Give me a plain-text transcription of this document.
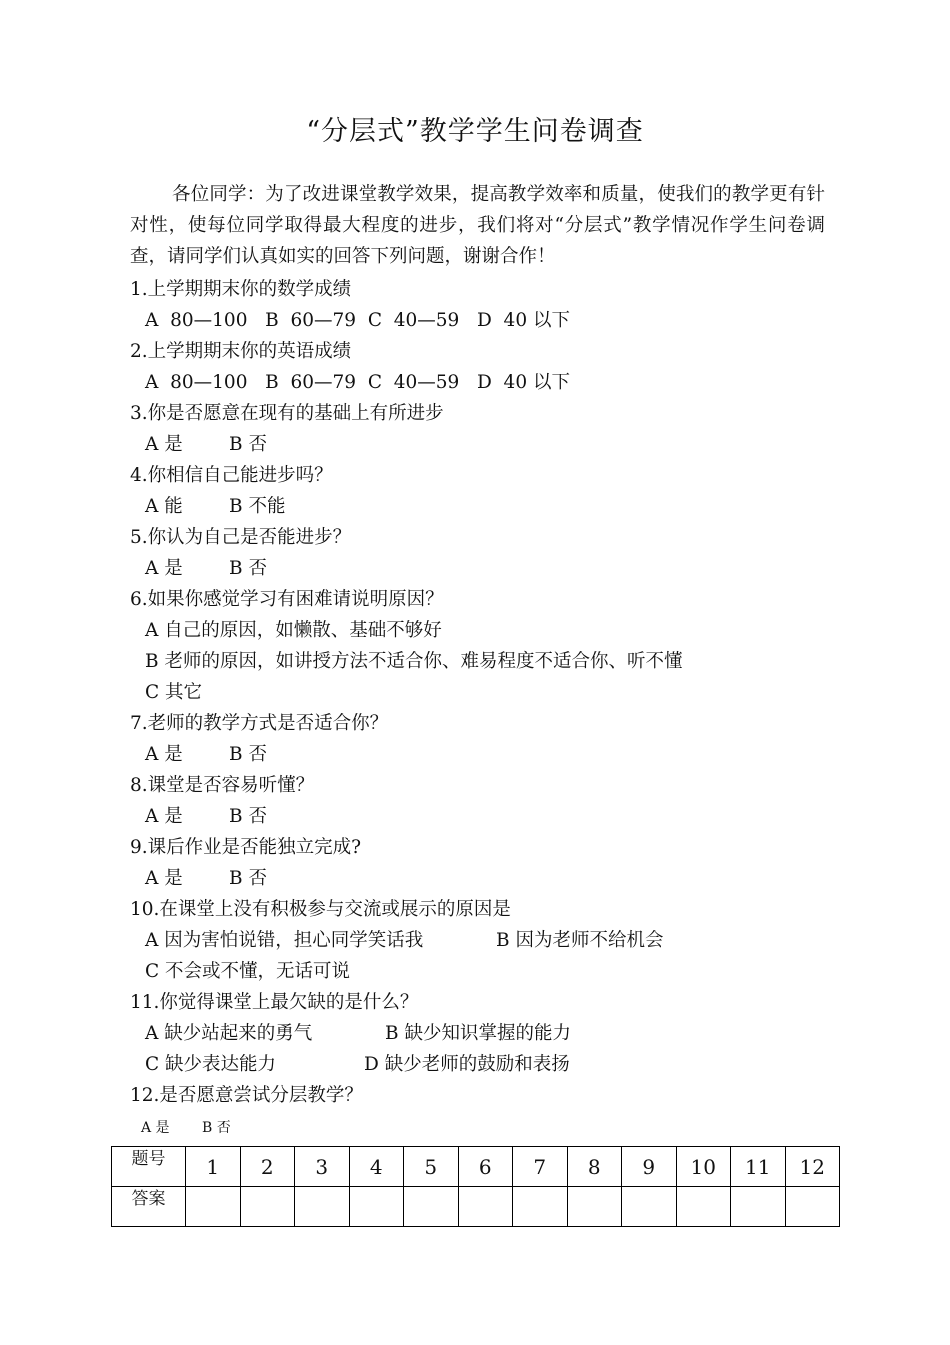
“分层式”教学学生问卷调查
各位同学：为了改进课堂教学效果，提高教学效率和质量，使我们的教学更有针对性，使每位同学取得最大程度的进步，我们将对“分层式”教学情况作学生问卷调查，请同学们认真如实的回答下列问题，谢谢合作！
1.上学期期末你的数学成绩
A  80—100   B  60—79  C  40—59   D  40 以下
2.上学期期末你的英语成绩
A  80—100   B  60—79  C  40—59   D  40 以下
3.你是否愿意在现有的基础上有所进步
A 是	B 否
4.你相信自己能进步吗？
A 能	B 不能
5.你认为自己是否能进步？
A 是	B 否
6.如果你感觉学习有困难请说明原因？
A 自己的原因，如懒散、基础不够好
B 老师的原因，如讲授方法不适合你、难易程度不适合你、听不懂
C 其它
7.老师的教学方式是否适合你？
A 是	B 否
8.课堂是否容易听懂？
A 是	B 否
9.课后作业是否能独立完成?
A 是	B 否
10.在课堂上没有积极参与交流或展示的原因是
A 因为害怕说错，担心同学笑话我	B 因为老师不给机会
C 不会或不懂，无话可说
11.你觉得课堂上最欠缺的是什么？
A 缺少站起来的勇气	B 缺少知识掌握的能力
C 缺少表达能力	D 缺少老师的鼓励和表扬
12.是否愿意尝试分层教学？
A 是 B 否
题号	1	2	3	4	5	6	7	8	9	10	11	12
答案												
